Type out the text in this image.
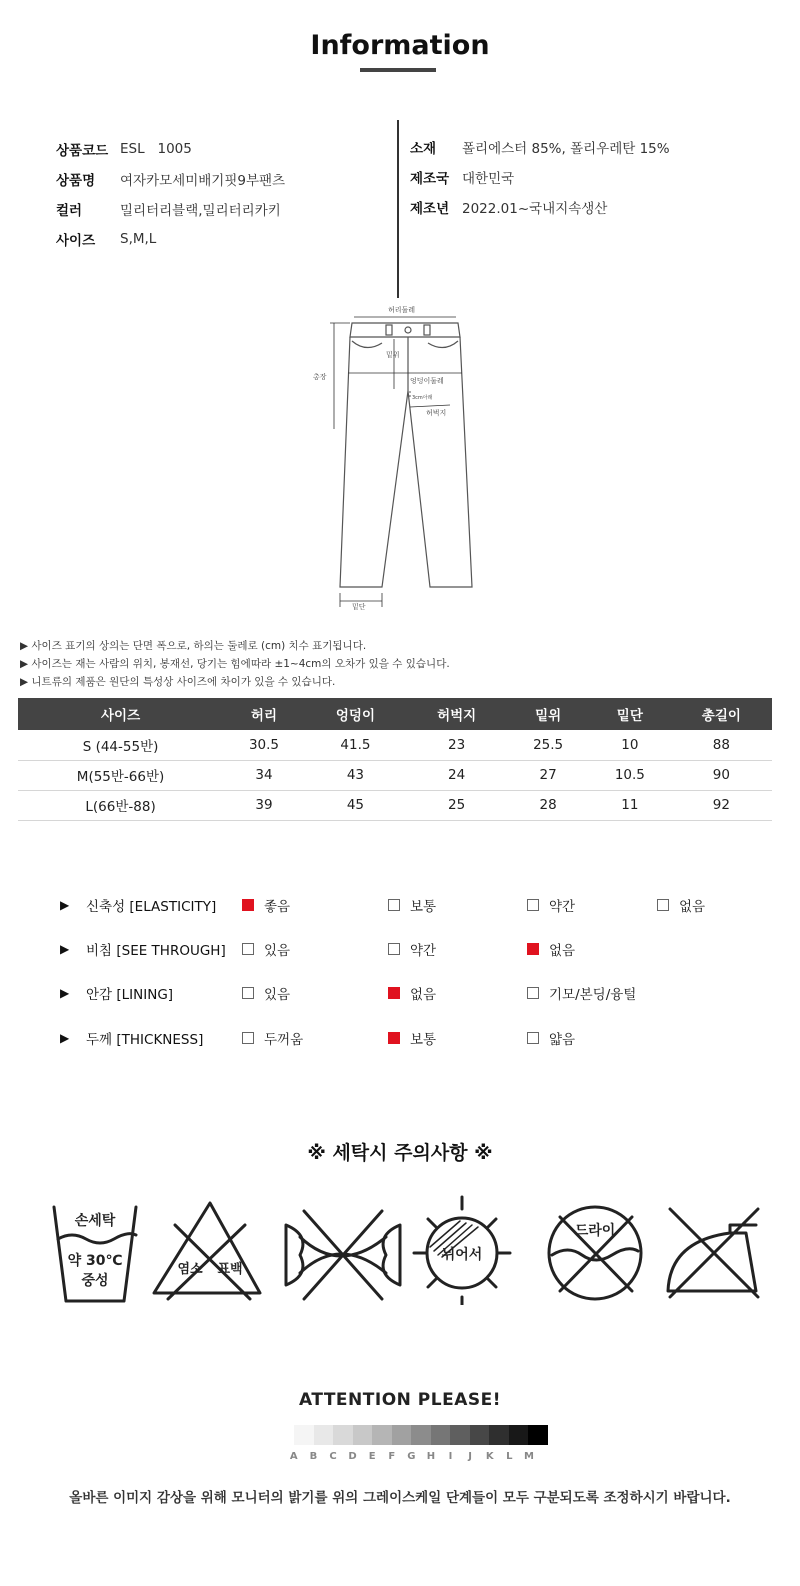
Information
상품코드 ESL   1005
상품명	여자카모세미배기핏9부팬츠
컬러	밀리터리블랙,밀리터리카키
사이즈	S,M,L
소재	폴리에스터 85%, 폴리우레탄 15%
제조국 대한민국
제조년 2022.01~국내지속생산
허리둘레
총장
밑위
엉덩이둘레
3cm아래
허벅지
밑단
▶ 사이즈 표기의 상의는 단면 폭으로, 하의는 둘레로 (cm) 치수 표기됩니다.
▶ 사이즈는 재는 사람의 위치, 봉재선, 당기는 힘에따라 ±1~4cm의 오차가 있을 수 있습니다.
▶ 니트류의 제품은 원단의 특성상 사이즈에 차이가 있을 수 있습니다.
사이즈	허리	엉덩이	허벅지	밑위	밑단	총길이
S (44-55반)	30.5	41.5	23	25.5	10	88
M(55반-66반)	34	43	24	27	10.5	90
L(66반-88)	39	45	25	28	11	92
▶	신축성 [ELASTICITY]	좋음	보통	약간	없음
▶	비침 [SEE THROUGH]	있음	약간	없음
▶	안감 [LINING]	있음	없음	기모/본딩/융털
▶	두께 [THICKNESS]	두꺼움	보통	얇음
※ 세탁시 주의사항 ※
손세탁
약 30℃
중성
염소 표백
뉘어서
드라이
ATTENTION PLEASE!
A	B	C	D	E	F	G	H	I	J	K	L	M
올바른 이미지 감상을 위해 모니터의 밝기를 위의 그레이스케일 단계들이 모두 구분되도록 조정하시기 바랍니다.
